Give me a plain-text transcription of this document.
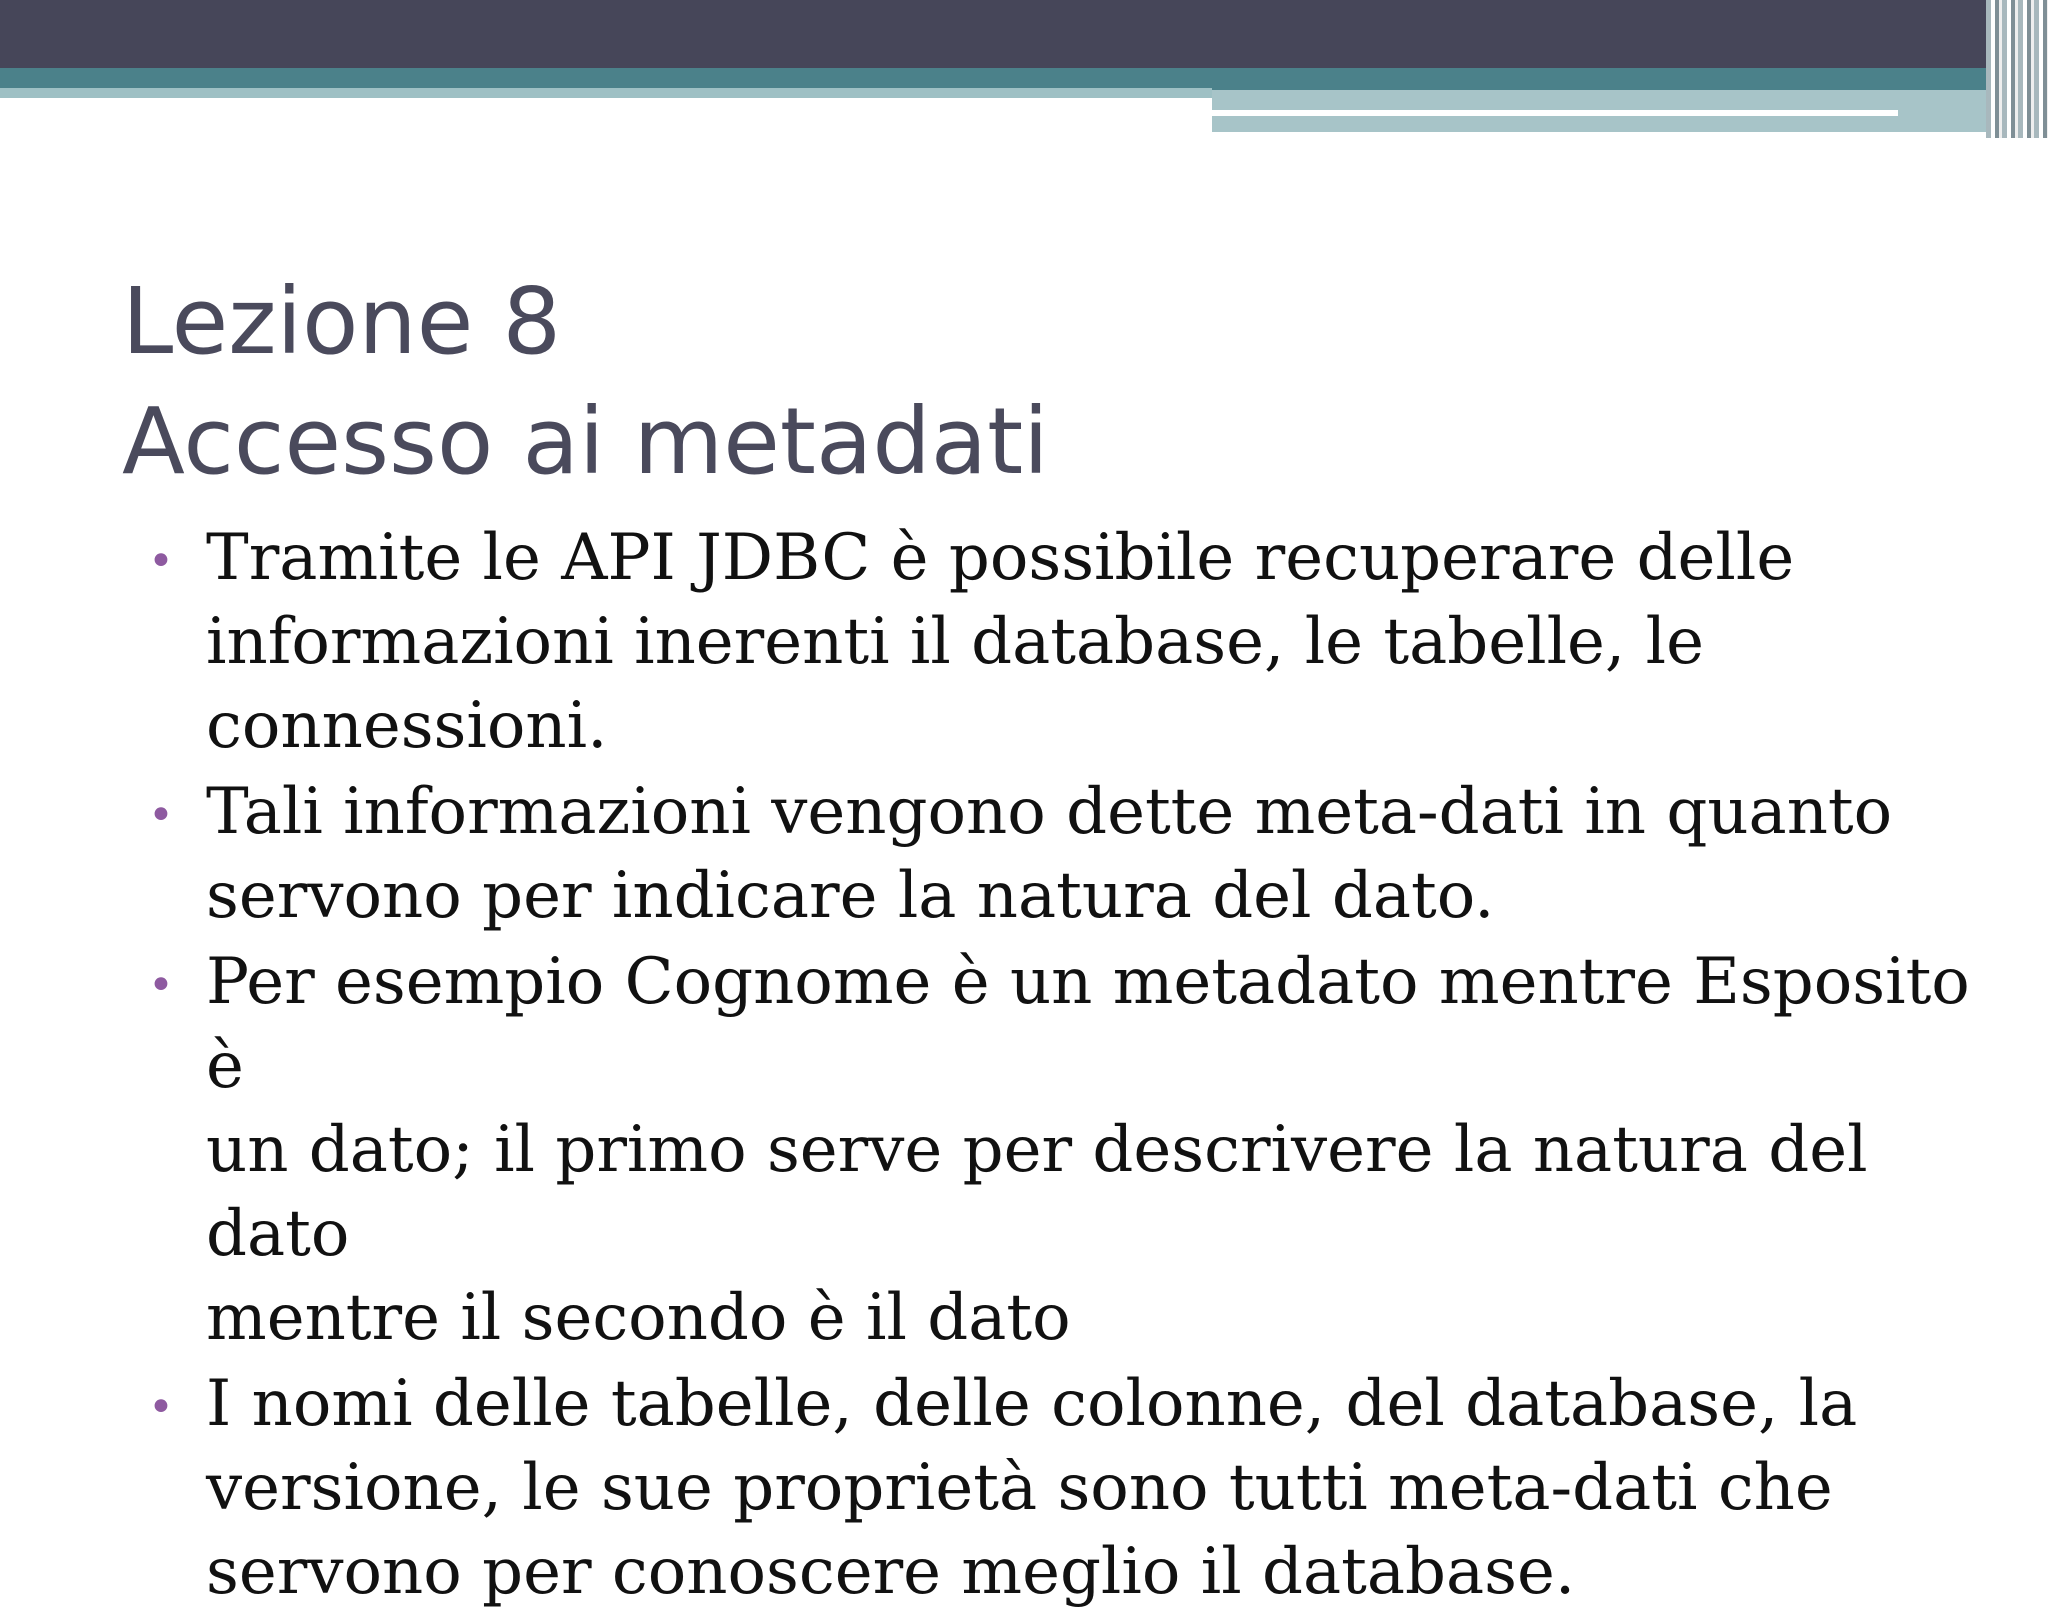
Lezione 8
Accesso ai metadati
• Tramite le API JDBC è possibile recuperare delle
informazioni inerenti il database, le tabelle, le
connessioni.
• Tali informazioni vengono dette meta-dati in quanto
servono per indicare la natura del dato.
• Per esempio Cognome è un metadato mentre Esposito è
un dato; il primo serve per descrivere la natura del dato
mentre il secondo è il dato
• I nomi delle tabelle, delle colonne, del database, la
versione, le sue proprietà sono tutti meta-dati che
servono per conoscere meglio il database.
